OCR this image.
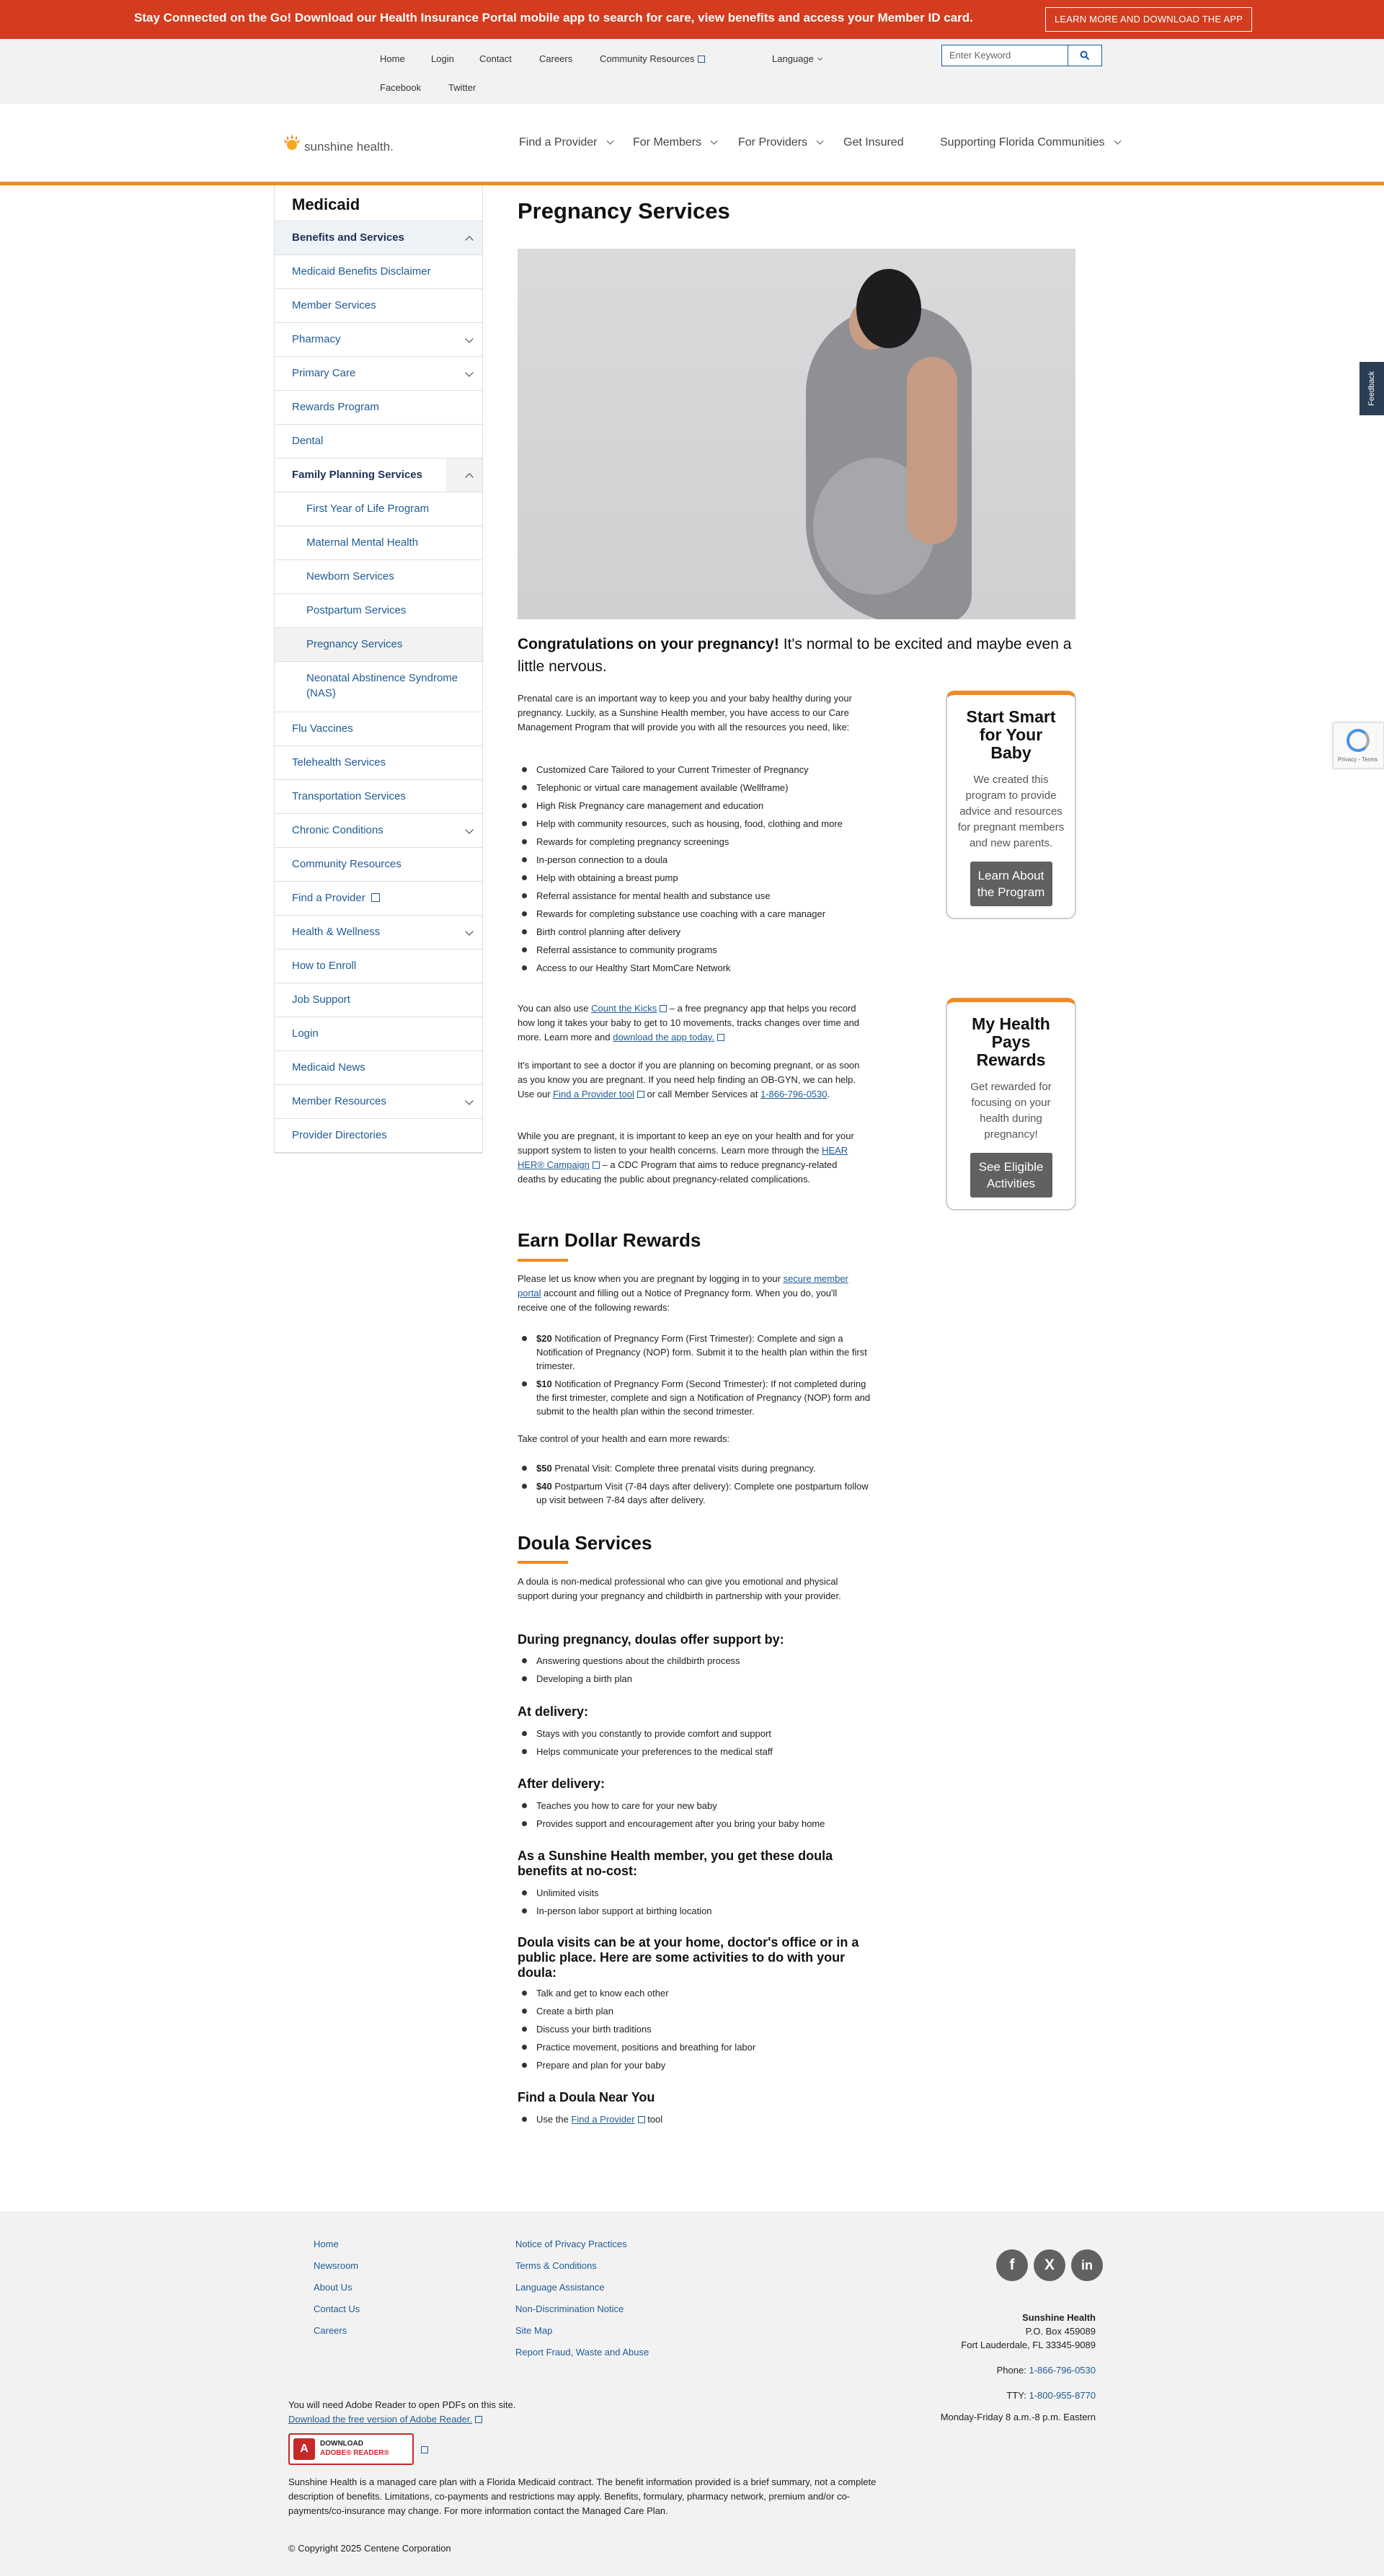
Stay Connected on the Go! Download our Health Insurance Portal mobile app to search for care, view benefits and access your Member ID card.	LEARN MORE AND DOWNLOAD THE APP
Home	Login	Contact	Careers	Community Resources	Language
Facebook	Twitter
Enter Keyword
sunshine health.	Find a Provider	For Members	For Providers	Get Insured	Supporting Florida Communities
Medicaid
Benefits and Services
Medicaid Benefits Disclaimer
Member Services
Pharmacy
Primary Care
Rewards Program
Dental
Family Planning Services
First Year of Life Program
Maternal Mental Health
Newborn Services
Postpartum Services
Pregnancy Services
Neonatal Abstinence Syndrome (NAS)
Flu Vaccines
Telehealth Services
Transportation Services
Chronic Conditions
Community Resources
Find a Provider
Health & Wellness
How to Enroll
Job Support
Login
Medicaid News
Member Resources
Provider Directories
Pregnancy Services

Congratulations on your pregnancy! It's normal to be excited and maybe even a little nervous.

Prenatal care is an important way to keep you and your baby healthy during your pregnancy. Luckily, as a Sunshine Health member, you have access to our Care Management Program that will provide you with all the resources you need, like:

Customized Care Tailored to your Current Trimester of Pregnancy
Telephonic or virtual care management available (Wellframe)
High Risk Pregnancy care management and education
Help with community resources, such as housing, food, clothing and more
Rewards for completing pregnancy screenings
In-person connection to a doula
Help with obtaining a breast pump
Referral assistance for mental health and substance use
Rewards for completing substance use coaching with a care manager
Birth control planning after delivery
Referral assistance to community programs
Access to our Healthy Start MomCare Network

You can also use Count the Kicks – a free pregnancy app that helps you record how long it takes your baby to get to 10 movements, tracks changes over time and more. Learn more and download the app today.

It's important to see a doctor if you are planning on becoming pregnant, or as soon as you know you are pregnant. If you need help finding an OB-GYN, we can help. Use our Find a Provider tool or call Member Services at 1-866-796-0530.

While you are pregnant, it is important to keep an eye on your health and for your support system to listen to your health concerns. Learn more through the HEAR HER® Campaign – a CDC Program that aims to reduce pregnancy-related deaths by educating the public about pregnancy-related complications.

Earn Dollar Rewards

Please let us know when you are pregnant by logging in to your secure member portal account and filling out a Notice of Pregnancy form. When you do, you'll receive one of the following rewards:

$20 Notification of Pregnancy Form (First Trimester): Complete and sign a Notification of Pregnancy (NOP) form. Submit it to the health plan within the first trimester.
$10 Notification of Pregnancy Form (Second Trimester): If not completed during the first trimester, complete and sign a Notification of Pregnancy (NOP) form and submit to the health plan within the second trimester.

Take control of your health and earn more rewards:

$50 Prenatal Visit: Complete three prenatal visits during pregnancy.
$40 Postpartum Visit (7-84 days after delivery): Complete one postpartum follow up visit between 7-84 days after delivery.
Doula Services

A doula is non-medical professional who can give you emotional and physical support during your pregnancy and childbirth in partnership with your provider.

During pregnancy, doulas offer support by:
Answering questions about the childbirth process
Developing a birth plan
At delivery:
Stays with you constantly to provide comfort and support
Helps communicate your preferences to the medical staff
After delivery:
Teaches you how to care for your new baby
Provides support and encouragement after you bring your baby home
As a Sunshine Health member, you get these doula benefits at no-cost:
Unlimited visits
In-person labor support at birthing location
Doula visits can be at your home, doctor's office or in a public place. Here are some activities to do with your doula:
Talk and get to know each other
Create a birth plan
Discuss your birth traditions
Practice movement, positions and breathing for labor
Prepare and plan for your baby
Find a Doula Near You
Use the Find a Provider tool
Start Smart for Your Baby
We created this program to provide advice and resources for pregnant members and new parents.
Learn About the Program
My Health Pays Rewards
Get rewarded for focusing on your health during pregnancy!
See Eligible Activities
Feedback
Privacy - Terms
Home
Newsroom
About Us
Contact Us
Careers
Notice of Privacy Practices
Terms & Conditions
Language Assistance
Non-Discrimination Notice
Site Map
Report Fraud, Waste and Abuse
f	X	in
Sunshine Health
P.O. Box 459089
Fort Lauderdale, FL 33345-9089
Phone: 1-866-796-0530
TTY: 1-800-955-8770
Monday-Friday 8 a.m.-8 p.m. Eastern
You will need Adobe Reader to open PDFs on this site.
Download the free version of Adobe Reader.
A	DOWNLOAD
ADOBE® READER®
Sunshine Health is a managed care plan with a Florida Medicaid contract. The benefit information provided is a brief summary, not a complete description of benefits. Limitations, co-payments and restrictions may apply. Benefits, formulary, pharmacy network, premium and/or co-payments/co-insurance may change. For more information contact the Managed Care Plan.
© Copyright 2025 Centene Corporation
